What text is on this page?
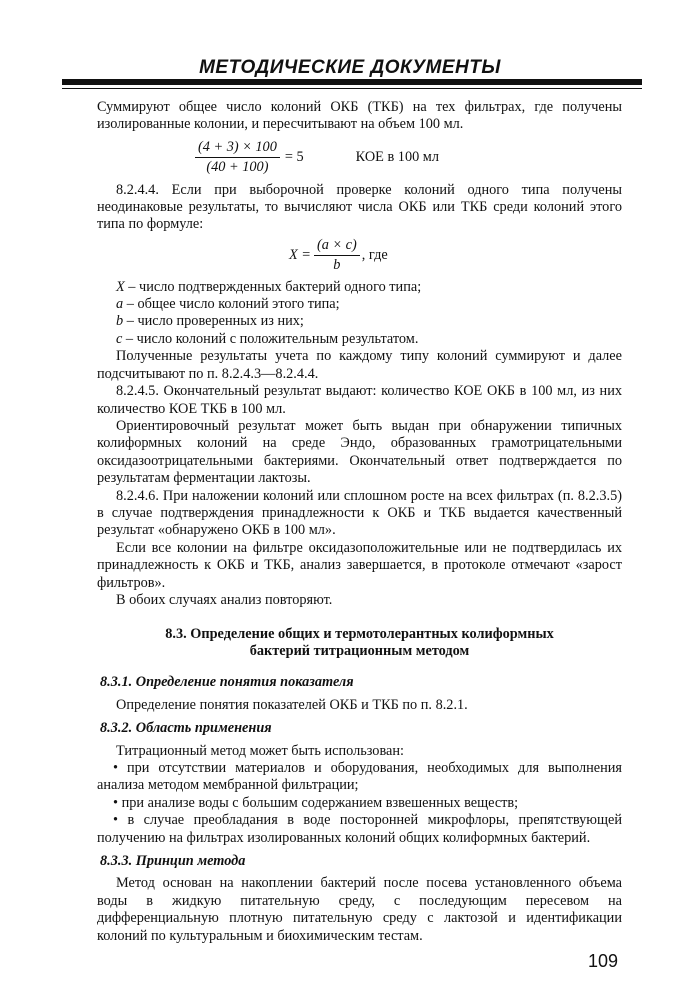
МЕТОДИЧЕСКИЕ ДОКУМЕНТЫ

Суммируют общее число колоний ОКБ (ТКБ) на тех фильтрах, где получены изолированные колонии, и пересчитывают на объем 100 мл.

$\frac{(4 + 3) \times 100}{(40 + 100)} = 5$	КОЕ в 100 мл

8.2.4.4. Если при выборочной проверке колоний одного типа получены неодинаковые результаты, то вычисляют числа ОКБ или ТКБ среди колоний этого типа по формуле:

$X = \frac{(a \times c)}{b}$ , где

X – число подтвержденных бактерий одного типа;

a – общее число колоний этого типа;

b – число проверенных из них;

c – число колоний с положительным результатом.

Полученные результаты учета по каждому типу колоний суммируют и далее подсчитывают по п. 8.2.4.3—8.2.4.4.

8.2.4.5. Окончательный результат выдают: количество КОЕ ОКБ в 100 мл, из них количество КОЕ ТКБ в 100 мл.

Ориентировочный результат может быть выдан при обнаружении типичных колиформных колоний на среде Эндо, образованных грамотрицательными оксидазоотрицательными бактериями. Окончательный ответ подтверждается по результатам ферментации лактозы.

8.2.4.6. При наложении колоний или сплошном росте на всех фильтрах (п. 8.2.3.5) в случае подтверждения принадлежности к ОКБ и ТКБ выдается качественный результат «обнаружено ОКБ в 100 мл».

Если все колонии на фильтре оксидазоположительные или не подтвердилась их принадлежность к ОКБ и ТКБ, анализ завершается, в протоколе отмечают «зарост фильтров».

В обоих случаях анализ повторяют.

8.3. Определение общих и термотолерантных колиформных
бактерий титрационным методом
8.3.1. Определение понятия показателя

Определение понятия показателей ОКБ и ТКБ по п. 8.2.1.

8.3.2. Область применения

Титрационный метод может быть использован:

• при отсутствии материалов и оборудования, необходимых для выполнения анализа методом мембранной фильтрации;

• при анализе воды с большим содержанием взвешенных веществ;

• в случае преобладания в воде посторонней микрофлоры, препятствующей получению на фильтрах изолированных колоний общих колиформных бактерий.

8.3.3. Принцип метода

Метод основан на накоплении бактерий после посева установленного объема воды в жидкую питательную среду, с последующим пересевом на дифференциальную плотную питательную среду с лактозой и идентификации колоний по культуральным и биохимическим тестам.

109
